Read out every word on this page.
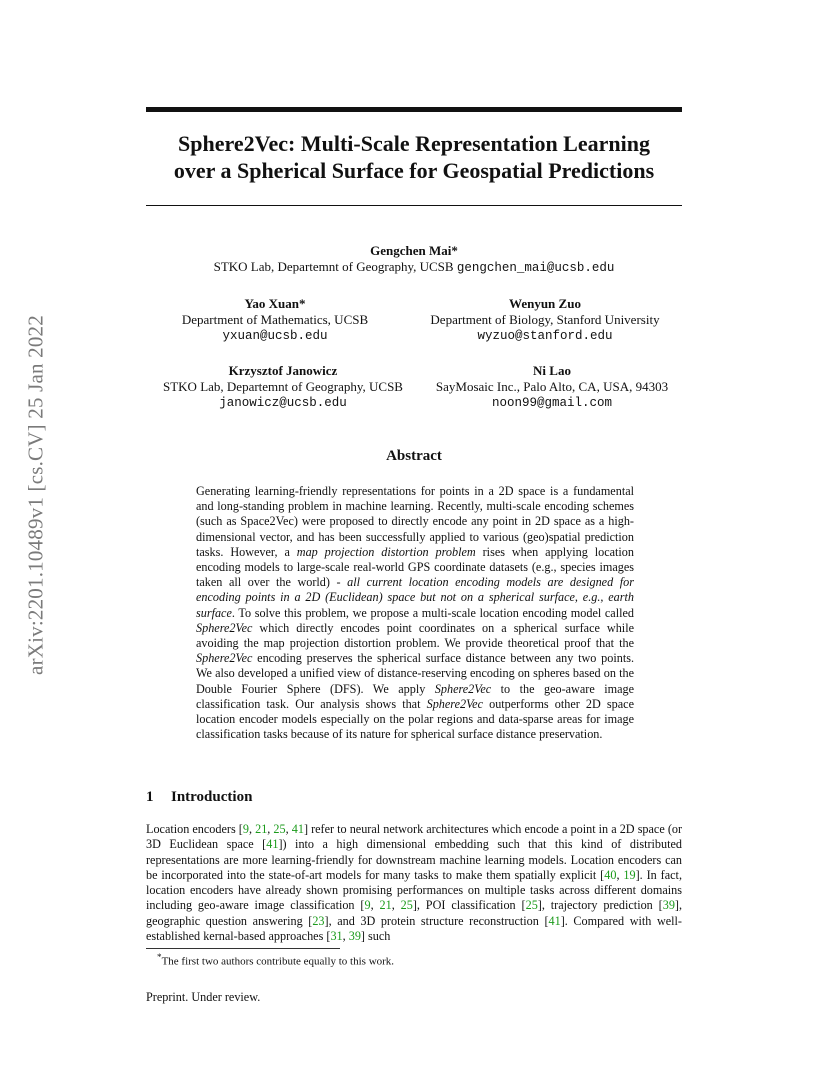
arXiv:2201.10489v1 [cs.CV] 25 Jan 2022
Sphere2Vec: Multi-Scale Representation Learning
over a Spherical Surface for Geospatial Predictions
Gengchen Mai*
STKO Lab, Departemnt of Geography, UCSB gengchen_mai@ucsb.edu
Yao Xuan*
Department of Mathematics, UCSB
yxuan@ucsb.edu
Wenyun Zuo
Department of Biology, Stanford University
wyzuo@stanford.edu
Krzysztof Janowicz
STKO Lab, Departemnt of Geography, UCSB
janowicz@ucsb.edu
Ni Lao
SayMosaic Inc., Palo Alto, CA, USA, 94303
noon99@gmail.com
Abstract

Generating learning-friendly representations for points in a 2D space is a fundamental and long-standing problem in machine learning. Recently, multi-scale encoding schemes (such as Space2Vec) were proposed to directly encode any point in 2D space as a high-dimensional vector, and has been successfully applied to various (geo)spatial prediction tasks. However, a map projection distortion problem rises when applying location encoding models to large-scale real-world GPS coordinate datasets (e.g., species images taken all over the world) - all current location encoding models are designed for encoding points in a 2D (Euclidean) space but not on a spherical surface, e.g., earth surface. To solve this problem, we propose a multi-scale location encoding model called Sphere2Vec which directly encodes point coordinates on a spherical surface while avoiding the map projection distortion problem. We provide theoretical proof that the Sphere2Vec encoding preserves the spherical surface distance between any two points. We also developed a unified view of distance-reserving encoding on spheres based on the Double Fourier Sphere (DFS). We apply Sphere2Vec to the geo-aware image classification task. Our analysis shows that Sphere2Vec outperforms other 2D space location encoder models especially on the polar regions and data-sparse areas for image classification tasks because of its nature for spherical surface distance preservation.

1 Introduction

Location encoders [9, 21, 25, 41] refer to neural network architectures which encode a point in a 2D space (or 3D Euclidean space [41]) into a high dimensional embedding such that this kind of distributed representations are more learning-friendly for downstream machine learning models. Location encoders can be incorporated into the state-of-art models for many tasks to make them spatially explicit [40, 19]. In fact, location encoders have already shown promising performances on multiple tasks across different domains including geo-aware image classification [9, 21, 25], POI classification [25], trajectory prediction [39], geographic question answering [23], and 3D protein structure reconstruction [41]. Compared with well-established kernal-based approaches [31, 39] such

*The first two authors contribute equally to this work.
Preprint. Under review.
